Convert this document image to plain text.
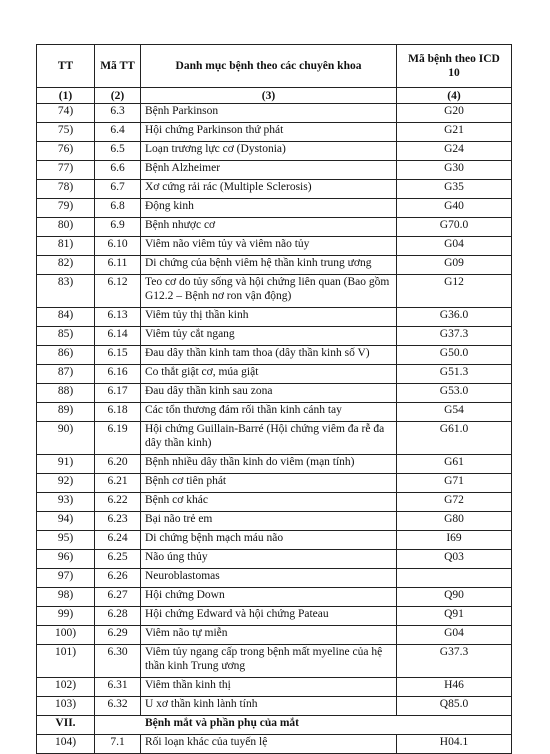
TT	Mã TT	Danh mục bệnh theo các chuyên khoa	Mã bệnh theo ICD 10
(1)	(2)	(3)	(4)
74)	6.3	Bệnh Parkinson	G20
75)	6.4	Hội chứng Parkinson thứ phát	G21
76)	6.5	Loạn trương lực cơ (Dystonia)	G24
77)	6.6	Bệnh Alzheimer	G30
78)	6.7	Xơ cứng rải rác (Multiple Sclerosis)	G35
79)	6.8	Động kinh	G40
80)	6.9	Bệnh nhược cơ	G70.0
81)	6.10	Viêm não viêm tủy và viêm não tủy	G04
82)	6.11	Di chứng của bệnh viêm hệ thần kinh trung ương	G09
83)	6.12	Teo cơ do tủy sống và hội chứng liên quan (Bao gồm G12.2 – Bệnh nơ ron vận động)	G12
84)	6.13	Viêm tủy thị thần kinh	G36.0
85)	6.14	Viêm tủy cắt ngang	G37.3
86)	6.15	Đau dây thần kinh tam thoa (dây thần kinh số V)	G50.0
87)	6.16	Co thắt giật cơ, múa giật	G51.3
88)	6.17	Đau dây thần kinh sau zona	G53.0
89)	6.18	Các tổn thương đám rối thần kinh cánh tay	G54
90)	6.19	Hội chứng Guillain-Barré (Hội chứng viêm đa rễ đa dây thần kinh)	G61.0
91)	6.20	Bệnh nhiều dây thần kinh do viêm (mạn tính)	G61
92)	6.21	Bệnh cơ tiên phát	G71
93)	6.22	Bệnh cơ khác	G72
94)	6.23	Bại não trẻ em	G80
95)	6.24	Di chứng bệnh mạch máu não	I69
96)	6.25	Não úng thủy	Q03
97)	6.26	Neuroblastomas	
98)	6.27	Hội chứng Down	Q90
99)	6.28	Hội chứng Edward và hội chứng Pateau	Q91
100)	6.29	Viêm não tự miễn	G04
101)	6.30	Viêm tủy ngang cấp trong bệnh mất myeline của hệ thần kinh Trung ương	G37.3
102)	6.31	Viêm thần kinh thị	H46
103)	6.32	U xơ thần kinh lành tính	Q85.0
VII.	Bệnh mắt và phần phụ của mắt		
104)	7.1	Rối loạn khác của tuyến lệ	H04.1
